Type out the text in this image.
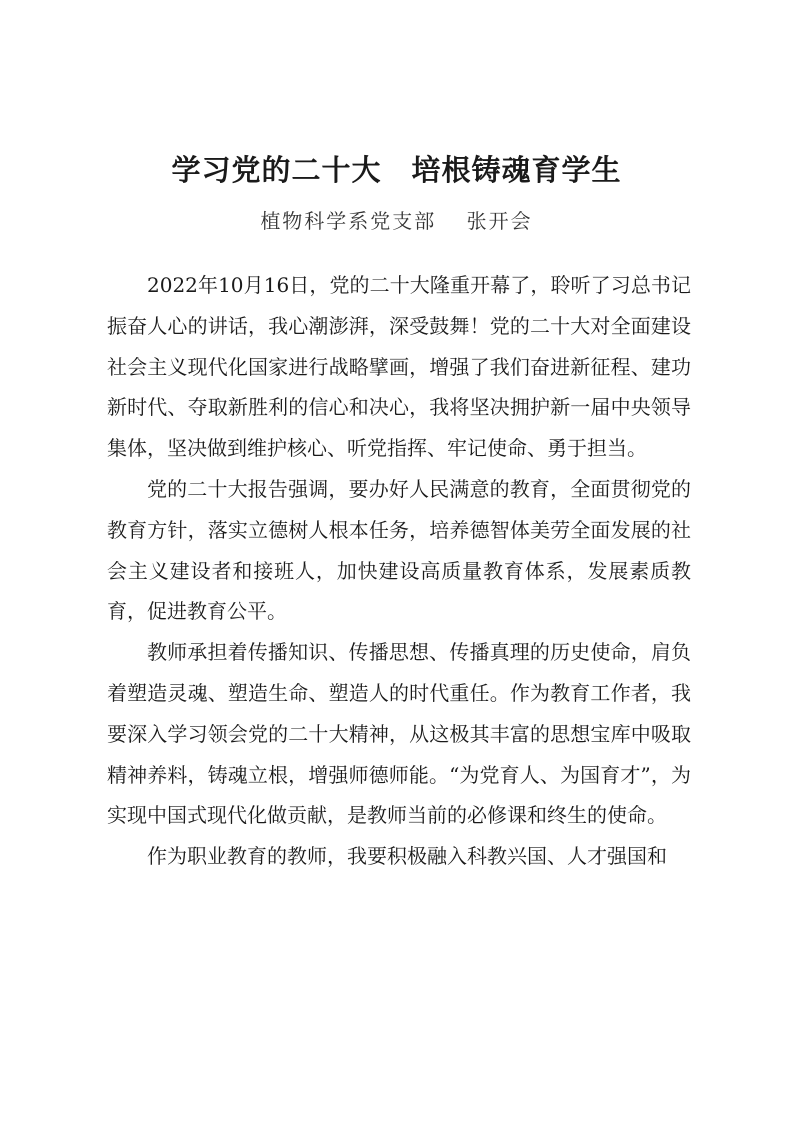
学习党的二十大　培根铸魂育学生
植物科学系党支部　 张开会

2022年10月16日，党的二十大隆重开幕了，聆听了习总书记振奋人心的讲话，我心潮澎湃，深受鼓舞！党的二十大对全面建设社会主义现代化国家进行战略擘画，增强了我们奋进新征程、建功新时代、夺取新胜利的信心和决心，我将坚决拥护新一届中央领导集体，坚决做到维护核心、听党指挥、牢记使命、勇于担当。

党的二十大报告强调，要办好人民满意的教育，全面贯彻党的教育方针，落实立德树人根本任务，培养德智体美劳全面发展的社会主义建设者和接班人，加快建设高质量教育体系，发展素质教育，促进教育公平。

教师承担着传播知识、传播思想、传播真理的历史使命，肩负着塑造灵魂、塑造生命、塑造人的时代重任。作为教育工作者，我要深入学习领会党的二十大精神，从这极其丰富的思想宝库中吸取精神养料，铸魂立根，增强师德师能。“为党育人、为国育才”，为实现中国式现代化做贡献，是教师当前的必修课和终生的使命。

作为职业教育的教师，我要积极融入科教兴国、人才强国和
